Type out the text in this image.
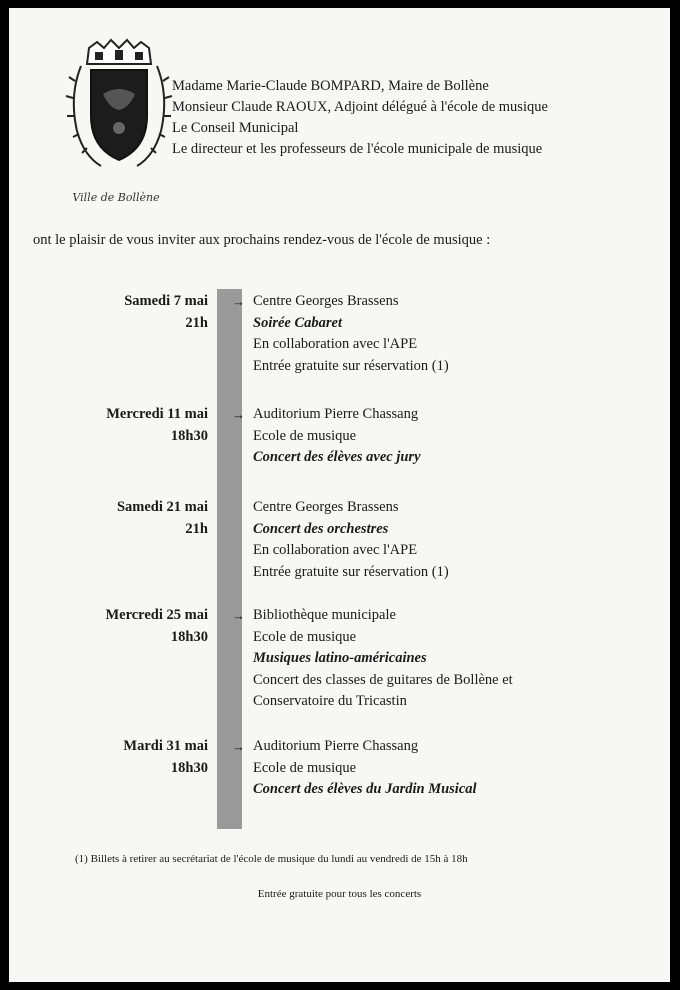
Ville de Bollène
Madame Marie-Claude BOMPARD, Maire de Bollène
Monsieur Claude RAOUX, Adjoint délégué à l'école de musique
Le Conseil Municipal
Le directeur et les professeurs de l'école municipale de musique
ont le plaisir de vous inviter aux prochains rendez-vous de l'école de musique :
Samedi 7 mai
21h
→ Centre Georges Brassens
Soirée Cabaret
En collaboration avec l'APE
Entrée gratuite sur réservation (1)
Mercredi 11 mai
18h30
→ Auditorium Pierre Chassang
Ecole de musique
Concert des élèves avec jury
Samedi 21 mai
21h
Centre Georges Brassens
Concert des orchestres
En collaboration avec l'APE
Entrée gratuite sur réservation (1)
Mercredi 25 mai
18h30
→ Bibliothèque municipale
Ecole de musique
Musiques latino-américaines
Concert des classes de guitares de Bollène et
Conservatoire du Tricastin
Mardi 31 mai
18h30
→ Auditorium Pierre Chassang
Ecole de musique
Concert des élèves du Jardin Musical
(1) Billets à retirer au secrétariat de l'école de musique du lundi au vendredi de 15h à 18h
Entrée gratuite pour tous les concerts
